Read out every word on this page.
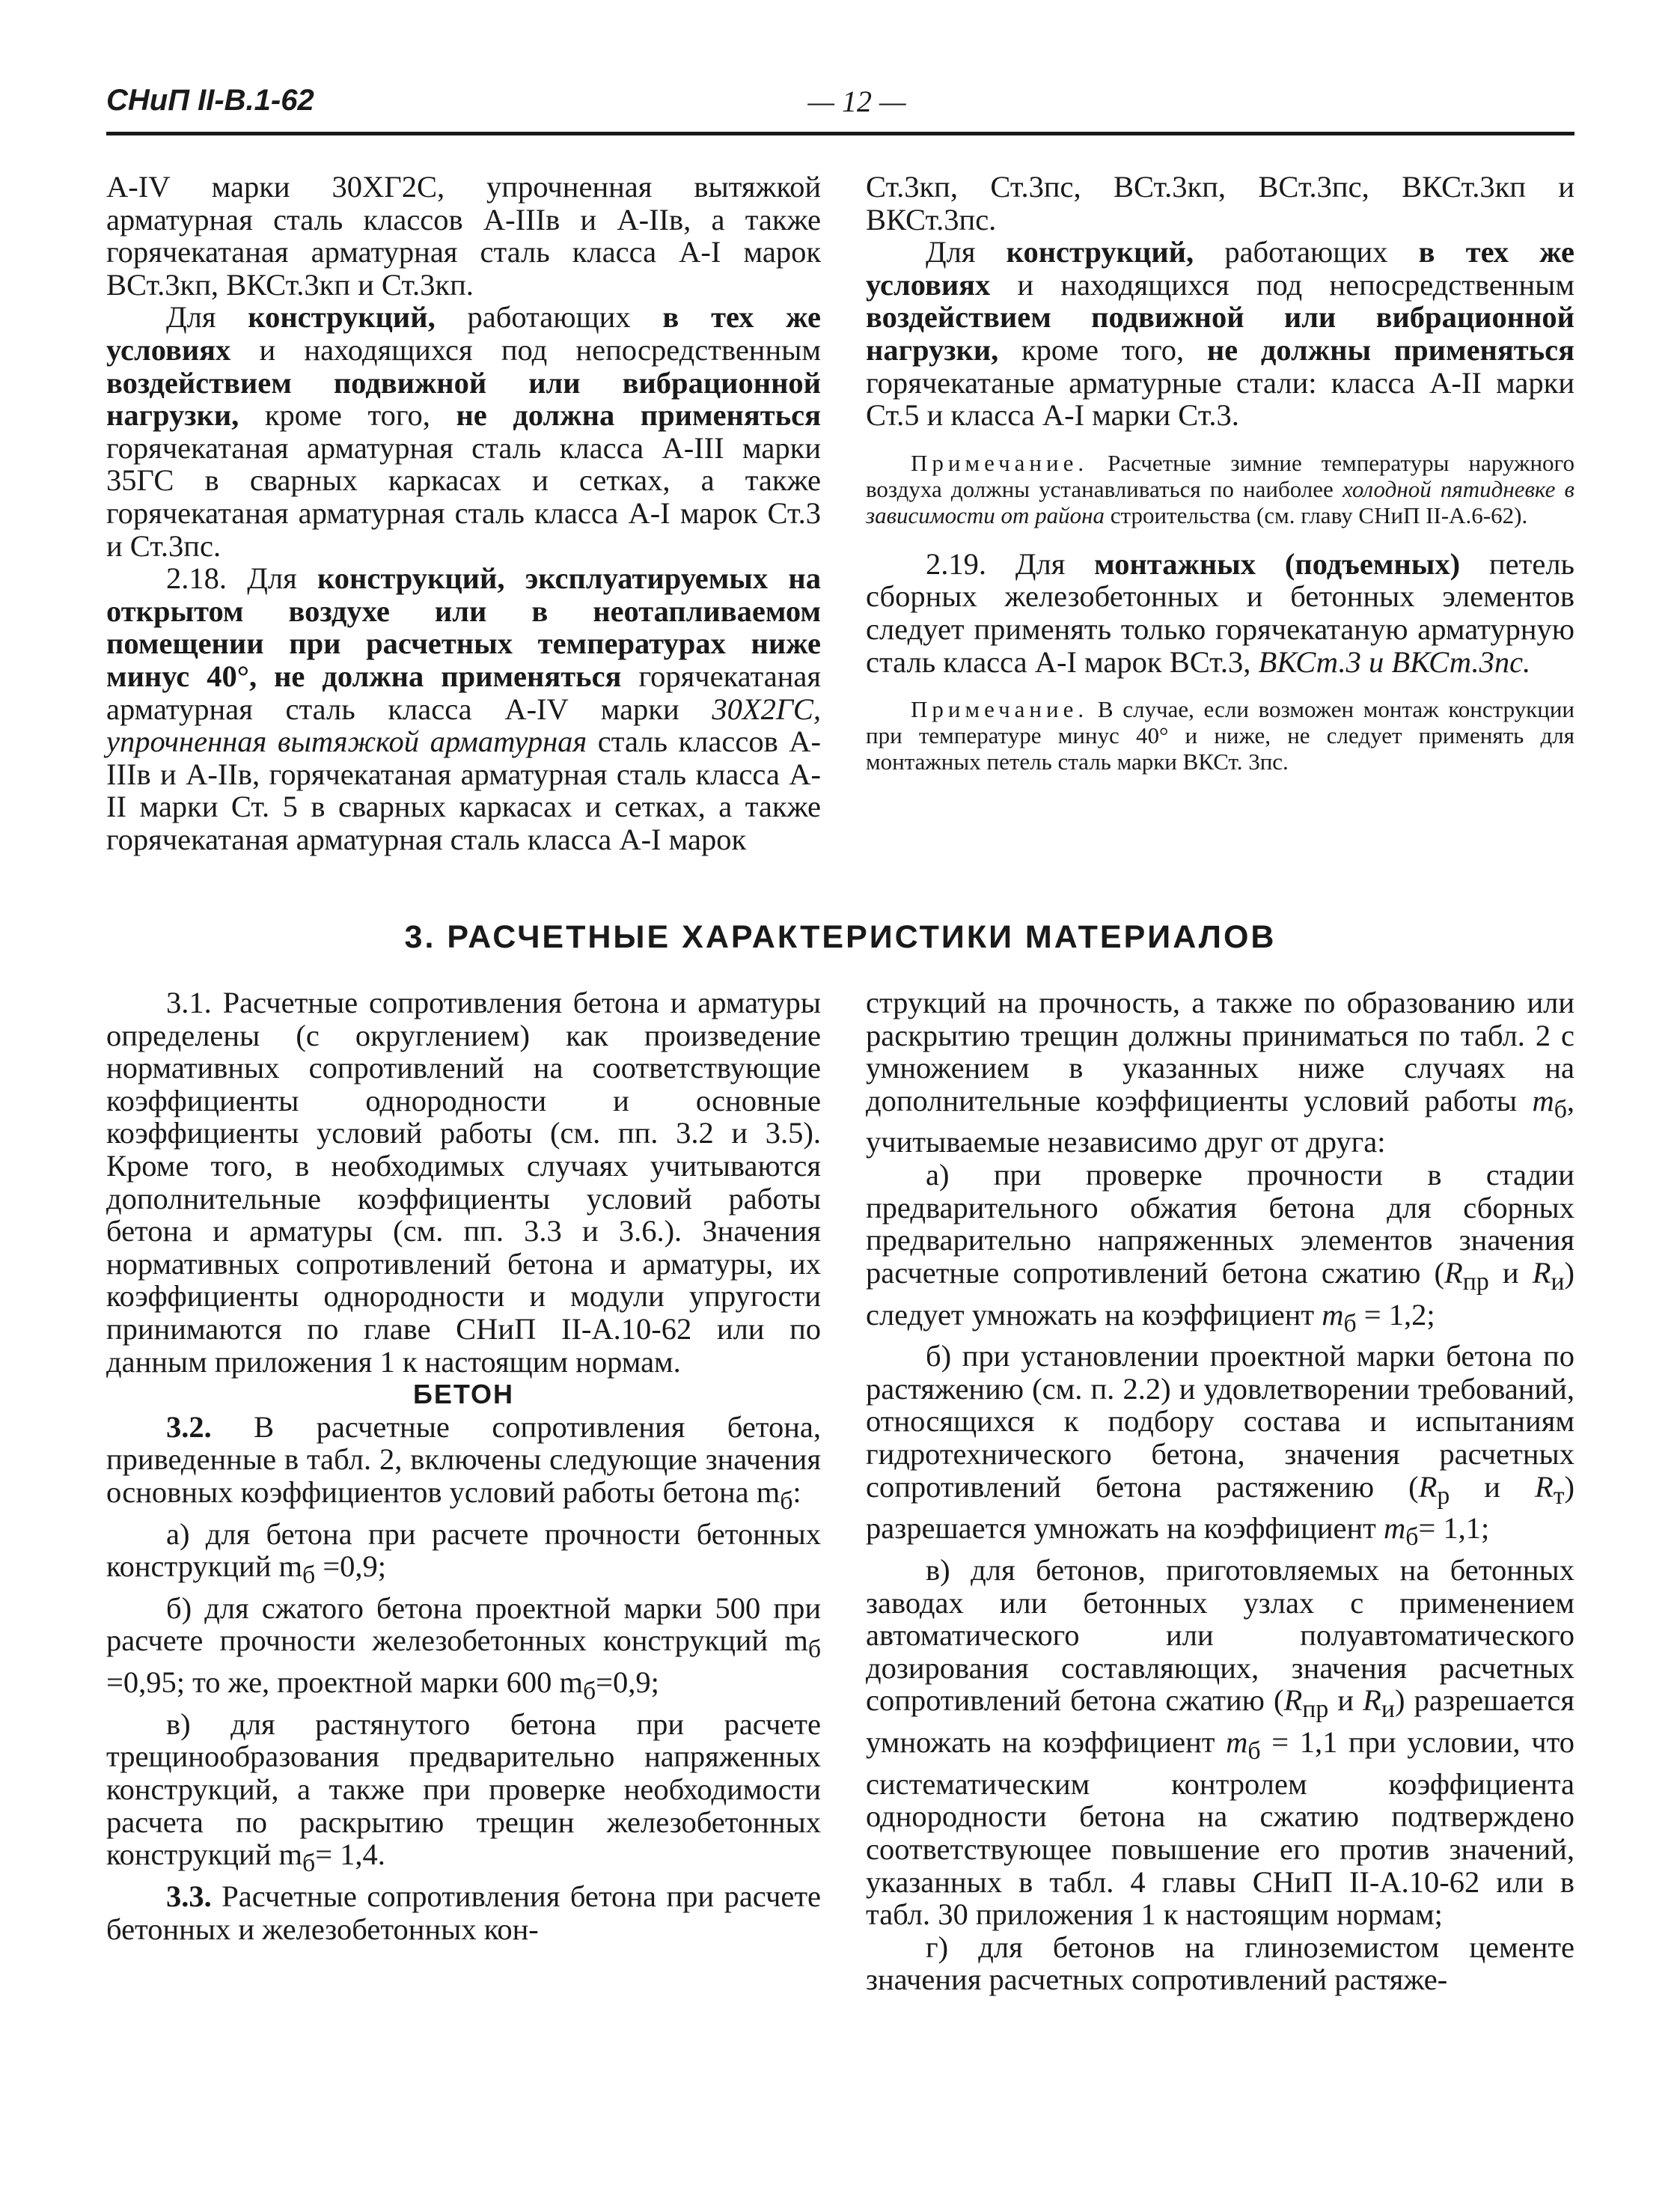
СНиП II-В.1-62	— 12 —

А-IV марки 30ХГ2С, упрочненная вытяжкой арматурная сталь классов А-IIIв и А-IIв, а также горячекатаная арматурная сталь класса А-I марок ВСт.3кп, ВКСт.3кп и Ст.3кп.

Для конструкций, работающих в тех же условиях и находящихся под непосредственным воздействием подвижной или вибрационной нагрузки, кроме того, не должна применяться горячекатаная арматурная сталь класса А-III марки 35ГС в сварных каркасах и сетках, а также горячекатаная арматурная сталь класса А-I марок Ст.3 и Ст.3пс.

2.18. Для конструкций, эксплуатируемых на открытом воздухе или в неотапливаемом помещении при расчетных температурах ниже минус 40°, не должна применяться горячекатаная арматурная сталь класса А-IV марки 30Х2ГС, упрочненная вытяжкой арматурная сталь классов А-IIIв и А-IIв, горячекатаная арматурная сталь класса А-II марки Ст. 5 в сварных каркасах и сетках, а также горячекатаная арматурная сталь класса А-I марок

Ст.3кп, Ст.3пс, ВСт.3кп, ВСт.3пс, ВКСт.3кп и ВКСт.3пс.

Для конструкций, работающих в тех же условиях и находящихся под непосредственным воздействием подвижной или вибрационной нагрузки, кроме того, не должны применяться горячекатаные арматурные стали: класса А-II марки Ст.5 и класса А-I марки Ст.3.

Примечание. Расчетные зимние температуры наружного воздуха должны устанавливаться по наиболее холодной пятидневке в зависимости от района строительства (см. главу СНиП II-А.6-62).

2.19. Для монтажных (подъемных) петель сборных железобетонных и бетонных элементов следует применять только горячекатаную арматурную сталь класса А-I марок ВСт.3, ВКСт.3 и ВКСт.3пс.

Примечание. В случае, если возможен монтаж конструкции при температуре минус 40° и ниже, не следует применять для монтажных петель сталь марки ВКСт. 3пс.

3. РАСЧЕТНЫЕ ХАРАКТЕРИСТИКИ МАТЕРИАЛОВ

3.1. Расчетные сопротивления бетона и арматуры определены (с округлением) как произведение нормативных сопротивлений на соответствующие коэффициенты однородности и основные коэффициенты условий работы (см. пп. 3.2 и 3.5). Кроме того, в необходимых случаях учитываются дополнительные коэффициенты условий работы бетона и арматуры (см. пп. 3.3 и 3.6.). Значения нормативных сопротивлений бетона и арматуры, их коэффициенты однородности и модули упругости принимаются по главе СНиП II-А.10-62 или по данным приложения 1 к настоящим нормам.

БЕТОН

3.2. В расчетные сопротивления бетона, приведенные в табл. 2, включены следующие значения основных коэффициентов условий работы бетона $m_б$:

а) для бетона при расчете прочности бетонных конструкций $m_б =0,9$;

б) для сжатого бетона проектной марки 500 при расчете прочности железобетонных конструкций $m_б =0,95$; то же, проектной марки 600 $m_б=0,9$;

в) для растянутого бетона при расчете трещинообразования предварительно напряженных конструкций, а также при проверке необходимости расчета по раскрытию трещин железобетонных конструкций $m_б= 1,4$.

3.3. Расчетные сопротивления бетона при расчете бетонных и железобетонных кон-

струкций на прочность, а также по образованию или раскрытию трещин должны приниматься по табл. 2 с умножением в указанных ниже случаях на дополнительные коэффициенты условий работы $m_б$, учитываемые независимо друг от друга:

а) при проверке прочности в стадии предварительного обжатия бетона для сборных предварительно напряженных элементов значения расчетные сопротивлений бетона сжатию ($R_{пр}$ и $R_и$) следует умножать на коэффициент $m_б = 1,2$;

б) при установлении проектной марки бетона по растяжению (см. п. 2.2) и удовлетворении требований, относящихся к подбору состава и испытаниям гидротехнического бетона, значения расчетных сопротивлений бетона растяжению ($R_р$ и $R_т$) разрешается умножать на коэффициент $m_б= 1,1$;

в) для бетонов, приготовляемых на бетонных заводах или бетонных узлах с применением автоматического или полуавтоматического дозирования составляющих, значения расчетных сопротивлений бетона сжатию ($R_{пр}$ и $R_и$) разрешается умножать на коэффициент $m_б = 1,1$ при условии, что систематическим контролем коэффициента однородности бетона на сжатию подтверждено соответствующее повышение его против значений, указанных в табл. 4 главы СНиП II-А.10-62 или в табл. 30 приложения 1 к настоящим нормам;

г) для бетонов на глиноземистом цементе значения расчетных сопротивлений растяже-
